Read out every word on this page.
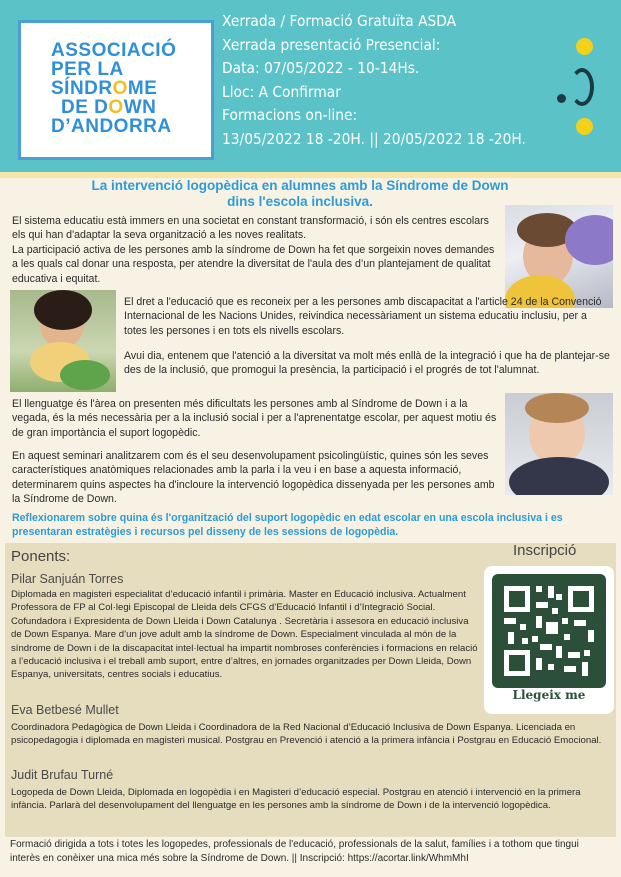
ASSOCIACIÓ
PER LA
SÍNDROME
DE DOWN
D’ANDORRA
Xerrada / Formació Gratuïta ASDA
Xerrada presentació Presencial:
Data: 07/05/2022 - 10-14Hs.
Lloc: A Confirmar
Formacions on-line:
13/05/2022 18 -20H. || 20/05/2022 18 -20H.
La intervenció logopèdica en alumnes amb la Síndrome de Down
dins l'escola inclusiva.
El sistema educatiu està immers en una societat en constant transformació, i són els centres escolars els qui han d'adaptar la seva organització a les noves realitats.
La participació activa de les persones amb la síndrome de Down ha fet que sorgeixin noves demandes a les quals cal donar una resposta, per atendre la diversitat de l'aula des d’un plantejament de qualitat educativa i equitat.
El dret a l'educació que es reconeix per a les persones amb discapacitat a l'article 24 de la Convenció Internacional de les Nacions Unides, reivindica necessàriament un sistema educatiu inclusiu, per a totes les persones i en tots els nivells escolars.
Avui dia, entenem que l'atenció a la diversitat va molt més enllà de la integració i que ha de plantejar-se des de la inclusió, que promogui la presència, la participació i el progrés de tot l'alumnat.
El llenguatge és l'àrea on presenten més dificultats les persones amb al Síndrome de Down i a la vegada, és la més necessària per a la inclusió social i per a l'aprenentatge escolar, per aquest motiu és de gran importància el suport logopèdic.
En aquest seminari analitzarem com és el seu desenvolupament psicolingüístic, quines són les seves característiques anatòmiques relacionades amb la parla i la veu i en base a aquesta informació, determinarem quins aspectes ha d'incloure la intervenció logopèdica dissenyada per les persones amb la Síndrome de Down.
Reflexionarem sobre quina és l'organització del suport logopèdic en edat escolar en una escola inclusiva i es presentaran estratègies i recursos pel disseny de les sessions de logopèdia.
Ponents:	Inscripció
Pilar Sanjuán Torres
Diplomada en magisteri especialitat d’educació infantil i primària. Master en Educació inclusiva. Actualment Professora de FP al Col·legi Episcopal de Lleida dels CFGS d’Educació Infantil i d’Integració Social. Cofundadora i Expresidenta de Down Lleida i Down Catalunya . Secretària i assesora en educació inclusiva de Down Espanya. Mare d’un jove adult amb la síndrome de Down. Especialment vinculada al món de la síndrome de Down i de la discapacitat intel·lectual ha impartit nombroses conferències i formacions en relació a l’educació inclusiva i el treball amb suport, entre d’altres, en jornades organitzades per Down Lleida, Down Espanya, universitats, centres socials i educatius.
Eva Betbesé Mullet
Coordinadora Pedagògica de Down Lleida i Coordinadora de la Red Nacional d’Educació Inclusiva de Down Espanya. Licenciada en psicopedagogia i diplomada en magisteri musical. Postgrau en Prevenció i atenció a la primera infància i Postgrau en Educació Emocional.
Judit Brufau Turné
Logopeda de Down Lleida, Diplomada en logopèdia i en Magisteri d’educació especial. Postgrau en atenció i intervenció en la primera infància. Parlarà del desenvolupament del llenguatge en les persones amb la síndrome de Down i de la intervenció logopèdica.
Llegeix me
Formació dirigida a tots i totes les logopedes, professionals de l'educació, professionals de la salut, famílies i a tothom que tingui interès en conèixer una mica més sobre la Síndrome de Down. || Inscripció: https://acortar.link/WhmMhI
